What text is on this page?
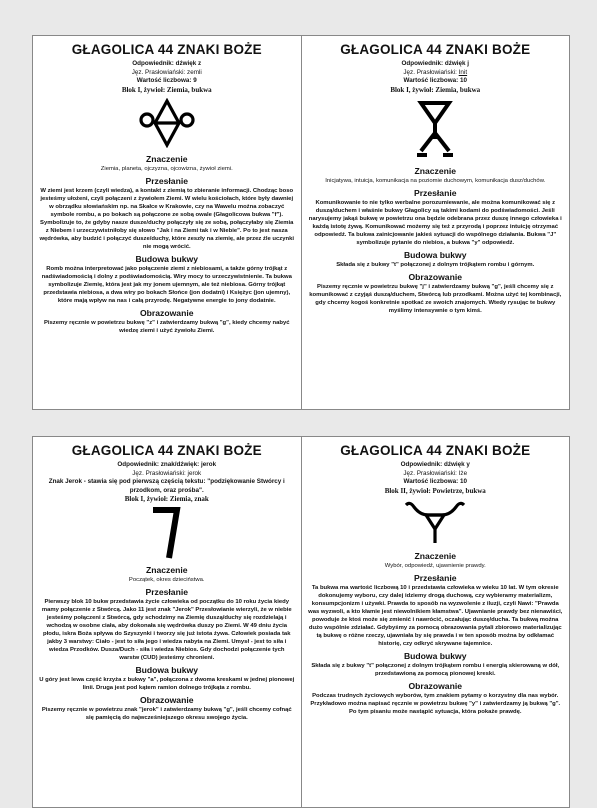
GŁAGOLICA 44 ZNAKI BOŻE
Odpowiednik: dźwięk z
Jęz. Prasłowiański: zemli
Wartość liczbowa: 9
Blok I, żywioł: Ziemia, bukwa
Znaczenie

Ziemia, planeta, ojczyzna, ojcowizna, żywioł ziemi.

Przesłanie

W ziemi jest krzem (czyli wiedza), a kontakt z ziemią to zbieranie informacji. Chodząc boso jesteśmy ułożeni, czyli połączeni z żywiołem Ziemi. W wielu kościołach, które były dawniej w obrządku słowiańskim np. na Skałce w Krakowie, czy na Wawelu można zobaczyć symbole rombu, a po bokach są połączone ze sobą owale (Głagolicowa bukwa "f"). Symbolizuje to, że gdyby nasze dusze/duchy połączyły się ze sobą, połączyłaby się Ziemia z Niebem i urzeczywistniłoby się słowo "Jak i na Ziemi tak i w Niebie". Po to jest nasza wędrówka, aby budzić i połączyć dusze/duchy, które zeszły na ziemię, ale przez źle uczynki nie mogą wrócić.

Budowa bukwy

Romb można interpretować jako połączenie ziemi z niebiosami, a także górny trójkąt z nadświadomością i dolny z podświadomością. Wiry mocy to urzeczywistnienie. Ta bukwa symbolizuje Ziemię, która jest jak my jonem ujemnym, ale też niebiosa. Górny trójkąt przedstawia niebiosa, a dwa wiry po bokach Słońce (jon dodatni) i Księżyc (jon ujemny), które mają wpływ na nas i całą przyrodę. Negatywne energie to jony dodatnie.

Obrazowanie

Piszemy ręcznie w powietrzu bukwę "z" i zatwierdzamy bukwą "g", kiedy chcemy nabyć wiedzę ziemi i użyć żywiołu Ziemi.

GŁAGOLICA 44 ZNAKI BOŻE
Odpowiednik: dźwięk j
Jęz. Prasłowiański: Init
Wartość liczbowa: 10
Blok I, żywioł: Ziemia, bukwa
Znaczenie

Inicjatywa, intuicja, komunikacja na poziomie duchowym, komunikacja dusz/duchów.

Przesłanie

Komunikowanie to nie tylko werbalne porozumiewanie, ale można komunikować się z duszą/duchem i właśnie bukwy Głagolicy są takimi kodami do podświadomości. Jeśli narysujemy jakąś bukwę w powietrzu ona będzie odebrana przez duszę innego człowieka i każdą istotę żywą. Komunikować możemy się też z przyrodą i poprzez intuicję otrzymać odpowiedź. Ta bukwa zainicjowanie jakieś sytuacji do wspólnego działania. Bukwa "J" symbolizuje pytanie do niebios, a bukwa "y" odpowiedź.

Budowa bukwy

Składa się z bukwy "t" połączonej z dolnym trójkątem rombu i górnym.

Obrazowanie

Piszemy ręcznie w powietrzu bukwę "j" i zatwierdzamy bukwą "g", jeśli chcemy się z komunikować z czyjąś duszą/duchem, Stwórcą lub przodkami. Można użyć tej kombinacji, gdy chcemy kogoś konkretnie spotkać ze swoich znajomych. Wtedy rysując te bukwy myślimy intensywnie o tym kimś.

GŁAGOLICA 44 ZNAKI BOŻE
Odpowiednik: znak/dźwięk: jerok
Jęz. Prasłowiański: jerok
Znak Jerok - stawia się pod pierwszą częścią tekstu: "podziękowanie Stwórcy i przodkom, oraz prośba".
Blok I, żywioł: Ziemia, znak
Znaczenie

Początek, okres dzieciństwa.

Przesłanie

Pierwszy blok 10 bukw przedstawia życie człowieka od początku do 10 roku życia kiedy mamy połączenie z Stwórcą. Jako 11 jest znak "Jerok" Przesłowianie wierzyli, że w niebie jesteśmy połączeni z Stwórcą, gdy schodzimy na Ziemię duszą/duchy się rozdzielają i wchodzą w osobne ciała, aby dokonała się wędrówka duszy po Ziemi. W 49 dniu życia płodu, iskra Boża spływa do Szyszynki i tworzy się już istota żywa. Człowiek posiada tak jakby 3 warstwy: Ciało - jest to siła jego i wiedza nabyta na Ziemi. Umysł - jest to siła i wiedza Przodków. Dusza/Duch - siła i wiedza Niebios. Gdy dochodzi połączenie tych warstw (CUD) jesteśmy chronieni.

Budowa bukwy

U góry jest lewa część krzyża z bukwy "a", połączona z dwoma kreskami w jednej pionowej linii. Druga jest pod kątem ramion dolnego trójkąta z rombu.

Obrazowanie

Piszemy ręcznie w powietrzu znak "jerok" i zatwierdzamy bukwą "g", jeśli chcemy cofnąć się pamięcią do najwcześniejszego okresu swojego życia.

GŁAGOLICA 44 ZNAKI BOŻE
Odpowiednik: dźwięk y
Jęz. Prasłowiański: Iże
Wartość liczbowa: 10
Blok II, żywioł: Powietrze, bukwa
Znaczenie

Wybór, odpowiedź, ujawnienie prawdy.

Przesłanie

Ta bukwa ma wartość liczbową 10 i przedstawia człowieka w wieku 10 lat. W tym okresie dokonujemy wyboru, czy dalej idziemy drogą duchową, czy wybieramy materializm, konsumpcjonizm i używki. Prawda to sposób na wyzwolenie z iluzji, czyli Nawi: "Prawda was wyzwoli, a kto kłamie jest niewolnikiem kłamstwa". Ujawnianie prawdy bez nienawiści, powoduje że ktoś może się zmienić i nawrócić, oczałując duszę/ducha. Ta bukwą można dużo wspólnie zdziałać. Gdybyśmy za pomocą obrazowania pytali zbiorowo materializując tą bukwę o różne rzeczy, ujawniała by się prawda i w ten sposób można by odkłamać historię, czy odkryć skrywane tajemnice.

Budowa bukwy

Składa się z bukwy "t" połączonej z dolnym trójkątem rombu i energią skierowaną w dół, przedstawioną za pomocą pionowej kreski.

Obrazowanie

Podczas trudnych życiowych wyborów, tym znakiem pytamy o korzystny dla nas wybór. Przykładowo można napisać ręcznie w powietrzu bukwę "y" i zatwierdzamy ją bukwą "g". Po tym pisaniu może nastąpić sytuacja, która pokaże prawdę.
